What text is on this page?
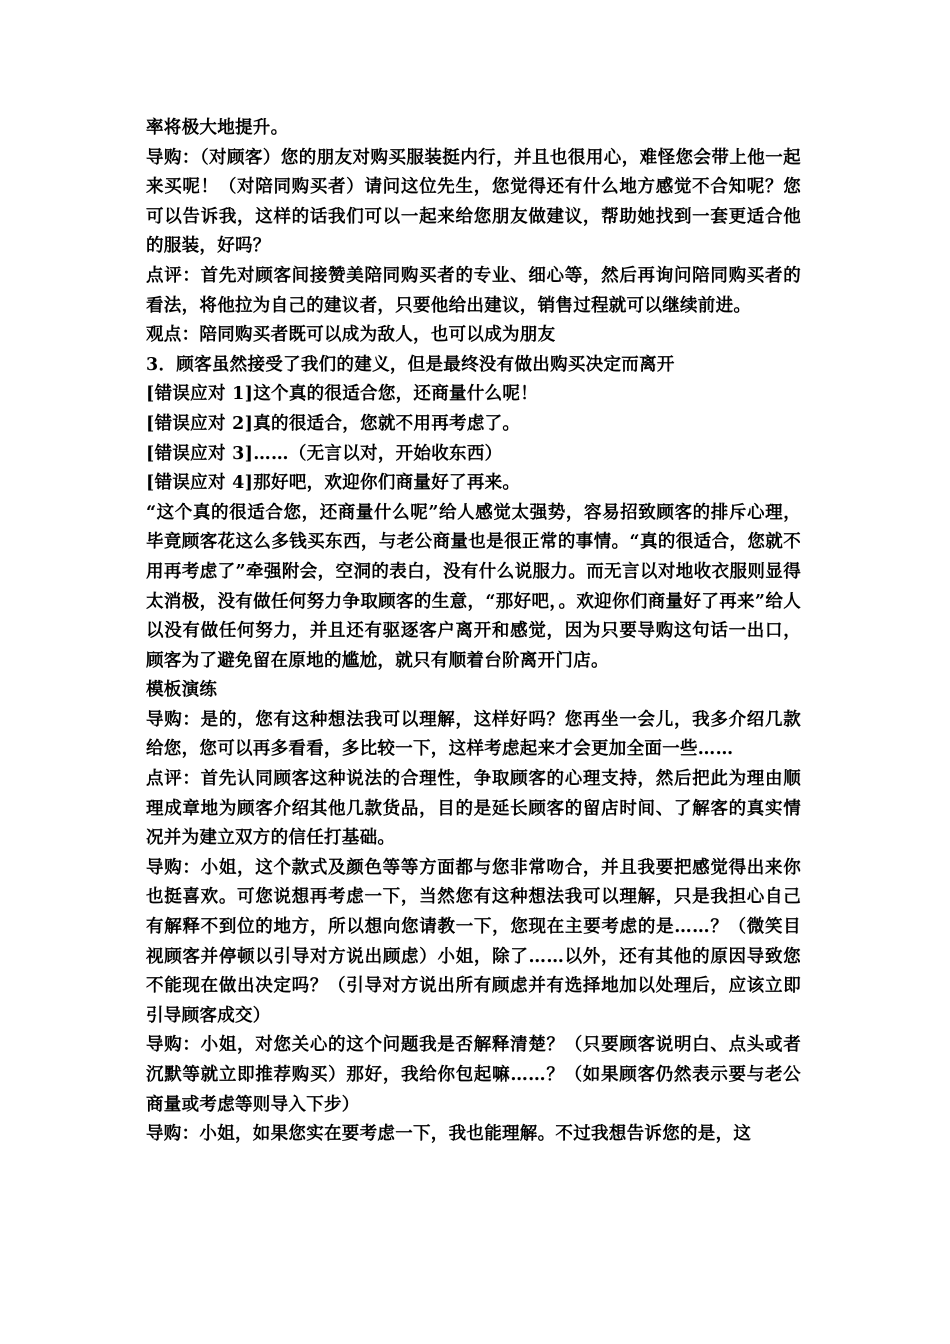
率将极大地提升。

导购：（对顾客）您的朋友对购买服装挺内行，并且也很用心，难怪您会带上他一起来买呢！（对陪同购买者）请问这位先生，您觉得还有什么地方感觉不合知呢？您可以告诉我，这样的话我们可以一起来给您朋友做建议，帮助她找到一套更适合他的服装，好吗？

点评：首先对顾客间接赞美陪同购买者的专业、细心等，然后再询问陪同购买者的看法，将他拉为自己的建议者，只要他给出建议，销售过程就可以继续前进。

观点：陪同购买者既可以成为敌人，也可以成为朋友

3．顾客虽然接受了我们的建义，但是最终没有做出购买决定而离开

[错误应对 1]这个真的很适合您，还商量什么呢！

[错误应对 2]真的很适合，您就不用再考虑了。

[错误应对 3]……（无言以对，开始收东西）

[错误应对 4]那好吧，欢迎你们商量好了再来。

“这个真的很适合您，还商量什么呢”给人感觉太强势，容易招致顾客的排斥心理，毕竟顾客花这么多钱买东西，与老公商量也是很正常的事情。“真的很适合，您就不用再考虑了”牵强附会，空洞的表白，没有什么说服力。而无言以对地收衣服则显得太消极，没有做任何努力争取顾客的生意，“那好吧，。欢迎你们商量好了再来”给人以没有做任何努力，并且还有驱逐客户离开和感觉，因为只要导购这句话一出口，顾客为了避免留在原地的尴尬，就只有顺着台阶离开门店。

模板演练

导购：是的，您有这种想法我可以理解，这样好吗？您再坐一会儿，我多介绍几款给您，您可以再多看看，多比较一下，这样考虑起来才会更加全面一些……

点评：首先认同顾客这种说法的合理性，争取顾客的心理支持，然后把此为理由顺理成章地为顾客介绍其他几款货品，目的是延长顾客的留店时间、了解客的真实情况并为建立双方的信任打基础。

导购：小姐，这个款式及颜色等等方面都与您非常吻合，并且我要把感觉得出来你也挺喜欢。可您说想再考虑一下，当然您有这种想法我可以理解，只是我担心自己有解释不到位的地方，所以想向您请教一下，您现在主要考虑的是……？（微笑目视顾客并停顿以引导对方说出顾虑）小姐，除了……以外，还有其他的原因导致您不能现在做出决定吗？（引导对方说出所有顾虑并有选择地加以处理后，应该立即引导顾客成交）

导购：小姐，对您关心的这个问题我是否解释清楚？（只要顾客说明白、点头或者沉默等就立即推荐购买）那好，我给你包起嘛……？（如果顾客仍然表示要与老公商量或考虑等则导入下步）

导购：小姐，如果您实在要考虑一下，我也能理解。不过我想告诉您的是，这
